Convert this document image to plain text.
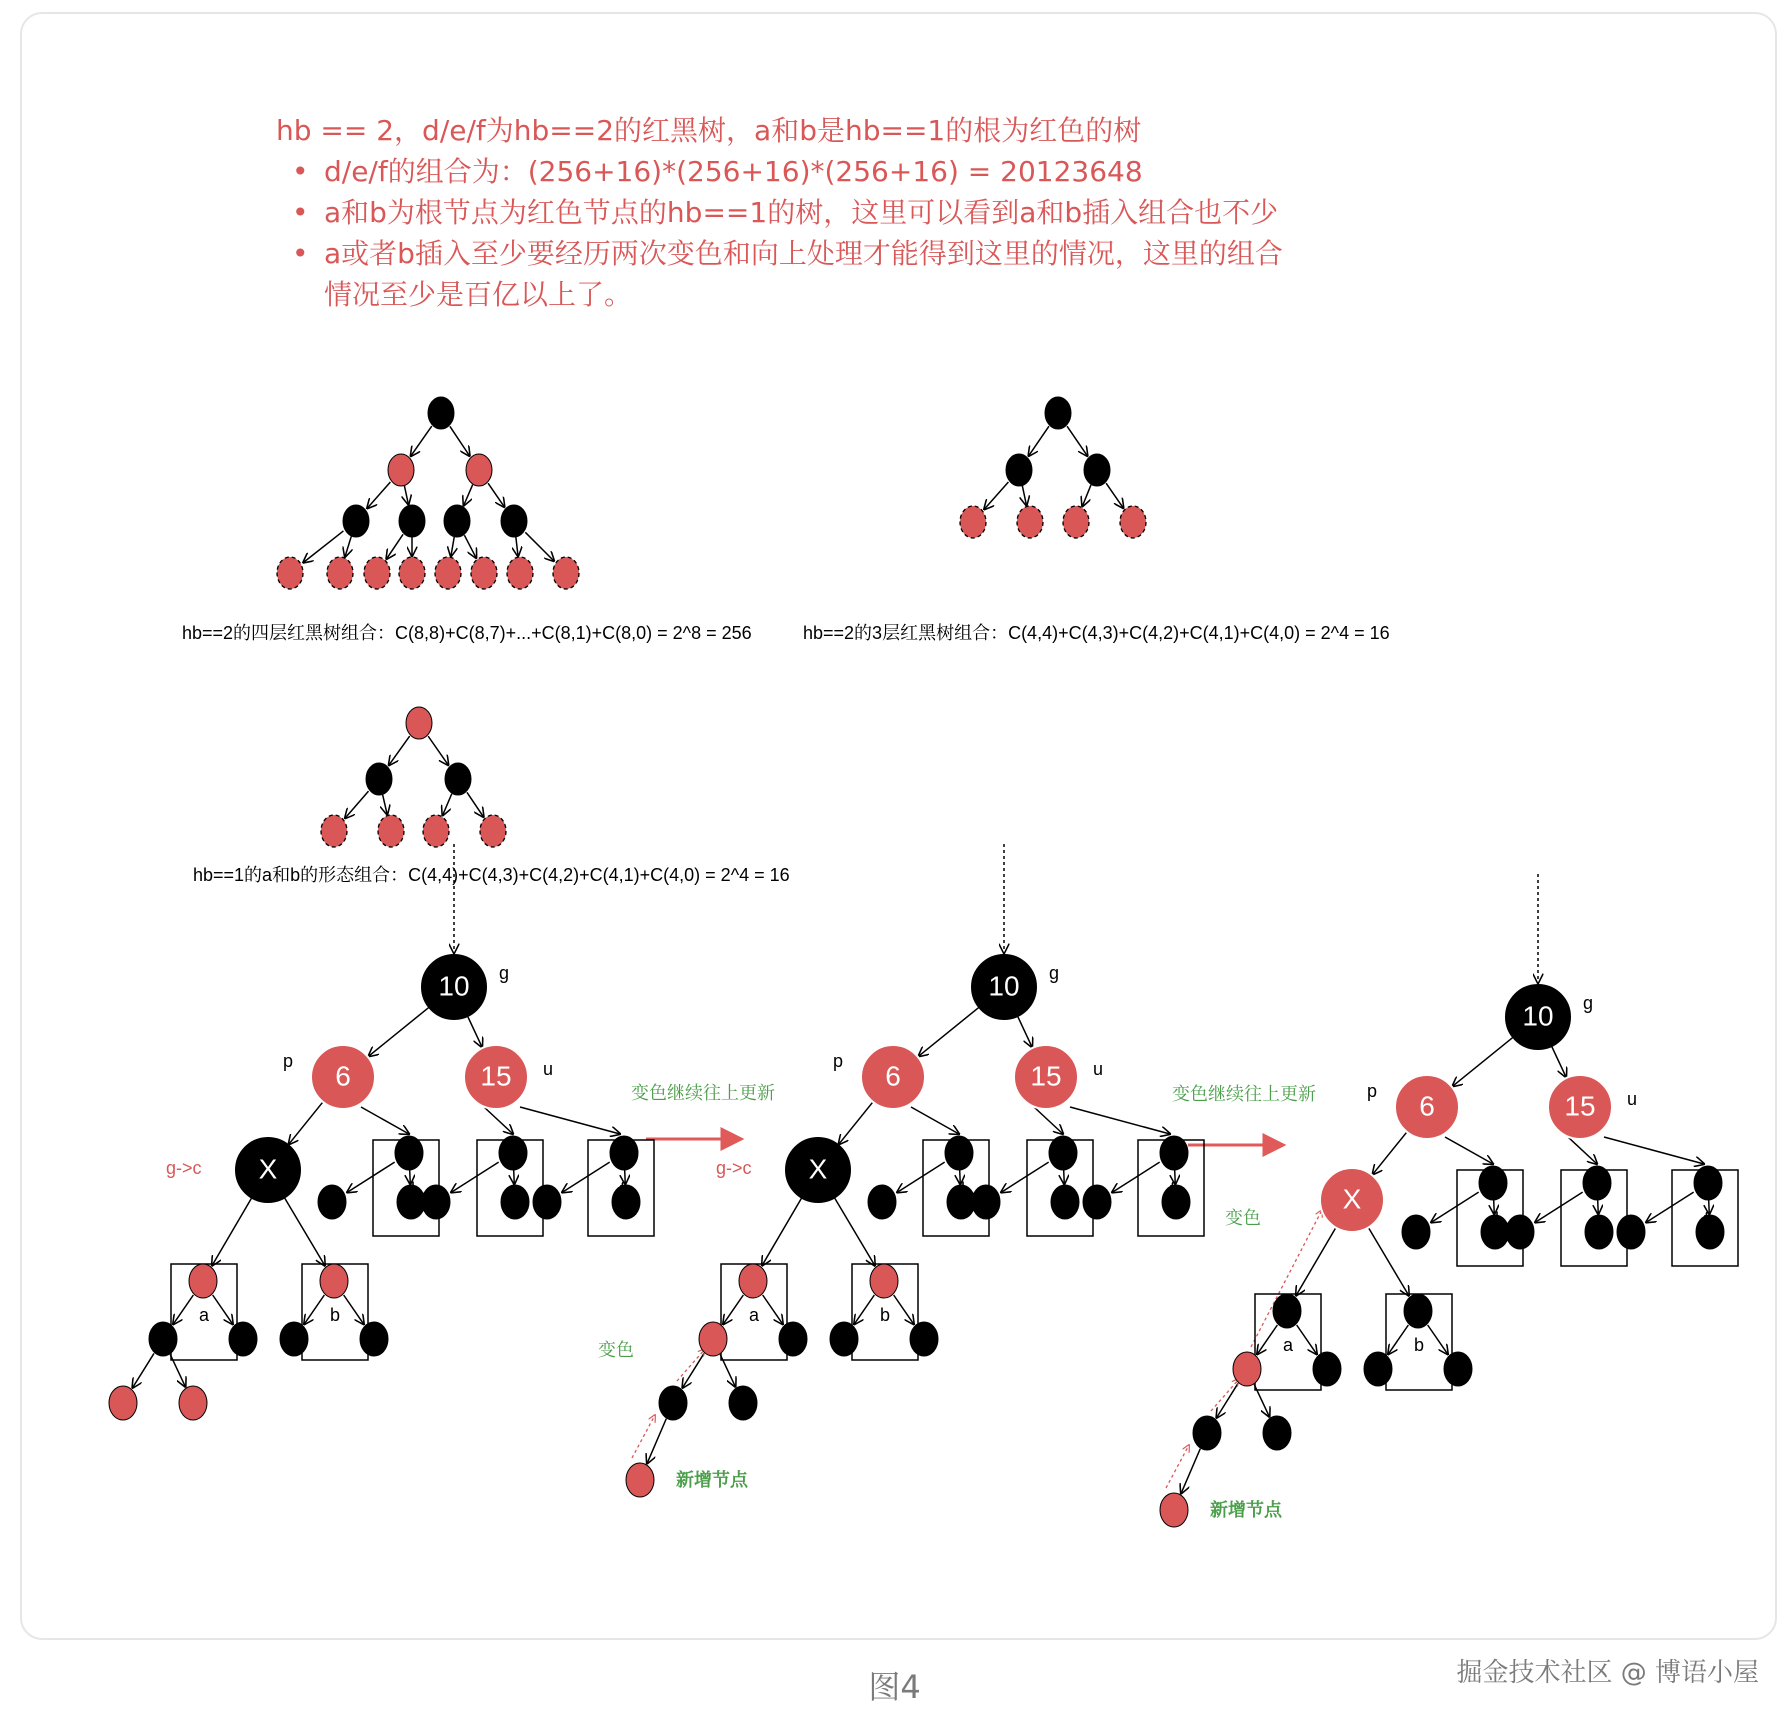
hb == 2，d/e/f为hb==2的红黑树，a和b是hb==1的根为红色的树
• d/e/f的组合为：(256+16)*(256+16)*(256+16) = 20123648
• a和b为根节点为红色节点的hb==1的树，这里可以看到a和b插入组合也不少
• a或者b插入至少要经历两次变色和向上处理才能得到这里的情况，这里的组合
情况至少是百亿以上了。
hb==2的四层红黑树组合：C(8,8)+C(8,7)+...+C(8,1)+C(8,0) = 2^8 = 256	hb==2的3层红黑树组合：C(4,4)+C(4,3)+C(4,2)+C(4,1)+C(4,0) = 2^4 = 16
hb==1的a和b的形态组合：C(4,4)+C(4,3)+C(4,2)+C(4,1)+C(4,0) = 2^4 = 16
d	e	f
a	b
10
6	15
X
g
p	u
g->c
d	e	f
a	b
新增节点
10
6	15
X
g
p	u
g->c
变色
d	e	f
a	b
新增节点
10
6	15
X
g
p	u
变色
变色继续往上更新	变色继续往上更新
图4	掘金技术社区 @ 博语小屋
